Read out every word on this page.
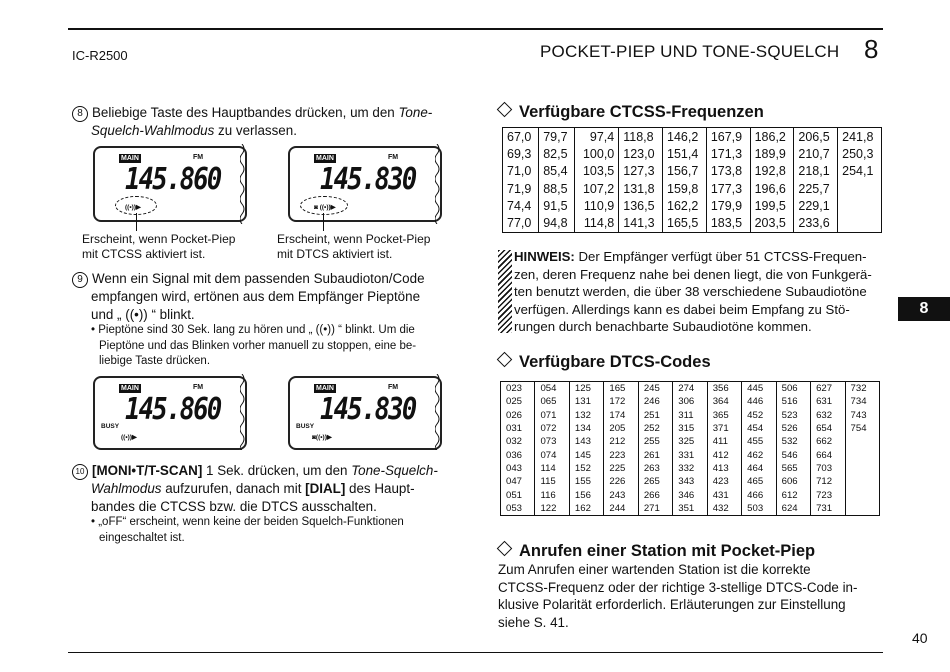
IC-R2500	POCKET-PIEP UND TONE-SQUELCH 8
8
8 Beliebige Taste des Hauptbandes drücken, um den Tone-
Squelch-Wahlmodus zu verlassen.
MAIN	FM
145.860
((•))▶
Erscheint, wenn Pocket-Piep
mit CTCSS aktiviert ist.
MAIN	FM
145.830
◙ ((•))▶
Erscheint, wenn Pocket-Piep
mit DTCS aktiviert ist.
9 Wenn ein Signal mit dem passenden Subaudioton/Code
empfangen wird, ertönen aus dem Empfänger Pieptöne
und „ ((•)) “ blinkt.
• Pieptöne sind 30 Sek. lang zu hören und „ ((•)) “ blinkt. Um die
Pieptöne und das Blinken vorher manuell zu stoppen, eine be-
liebige Taste drücken.
MAIN	FM
145.860
BUSY
((•))▶
MAIN	FM
145.830
BUSY
◙((•))▶
10 [MONI•T/T-SCAN] 1 Sek. drücken, um den Tone-Squelch-
Wahlmodus aufzurufen, danach mit [DIAL] des Haupt-
bandes die CTCSS bzw. die DTCS ausschalten.
• „oFF“ erscheint, wenn keine der beiden Squelch-Funktionen
eingeschaltet ist.
Verfügbare CTCSS-Frequenzen
67,0	79,7	97,4	118,8	146,2	167,9	186,2	206,5	241,8
69,3	82,5	100,0	123,0	151,4	171,3	189,9	210,7	250,3
71,0	85,4	103,5	127,3	156,7	173,8	192,8	218,1	254,1
71,9	88,5	107,2	131,8	159,8	177,3	196,6	225,7	
74,4	91,5	110,9	136,5	162,2	179,9	199,5	229,1	
77,0	94,8	114,8	141,3	165,5	183,5	203,5	233,6	
HINWEIS: Der Empfänger verfügt über 51 CTCSS-Frequen-
zen, deren Frequenz nahe bei denen liegt, die von Funkgerä-
ten benutzt werden, die über 38 verschiedene Subaudiotöne
verfügen. Allerdings kann es dabei beim Empfang zu Stö-
rungen durch benachbarte Subaudiotöne kommen.
Verfügbare DTCS-Codes
023	054	125	165	245	274	356	445	506	627	732
025	065	131	172	246	306	364	446	516	631	734
026	071	132	174	251	311	365	452	523	632	743
031	072	134	205	252	315	371	454	526	654	754
032	073	143	212	255	325	411	455	532	662	
036	074	145	223	261	331	412	462	546	664	
043	114	152	225	263	332	413	464	565	703	
047	115	155	226	265	343	423	465	606	712	
051	116	156	243	266	346	431	466	612	723	
053	122	162	244	271	351	432	503	624	731	
Anrufen einer Station mit Pocket-Piep
Zum Anrufen einer wartenden Station ist die korrekte
CTCSS-Frequenz oder der richtige 3-stellige DTCS-Code in-
klusive Polarität erforderlich. Erläuterungen zur Einstellung
siehe S. 41.
40
